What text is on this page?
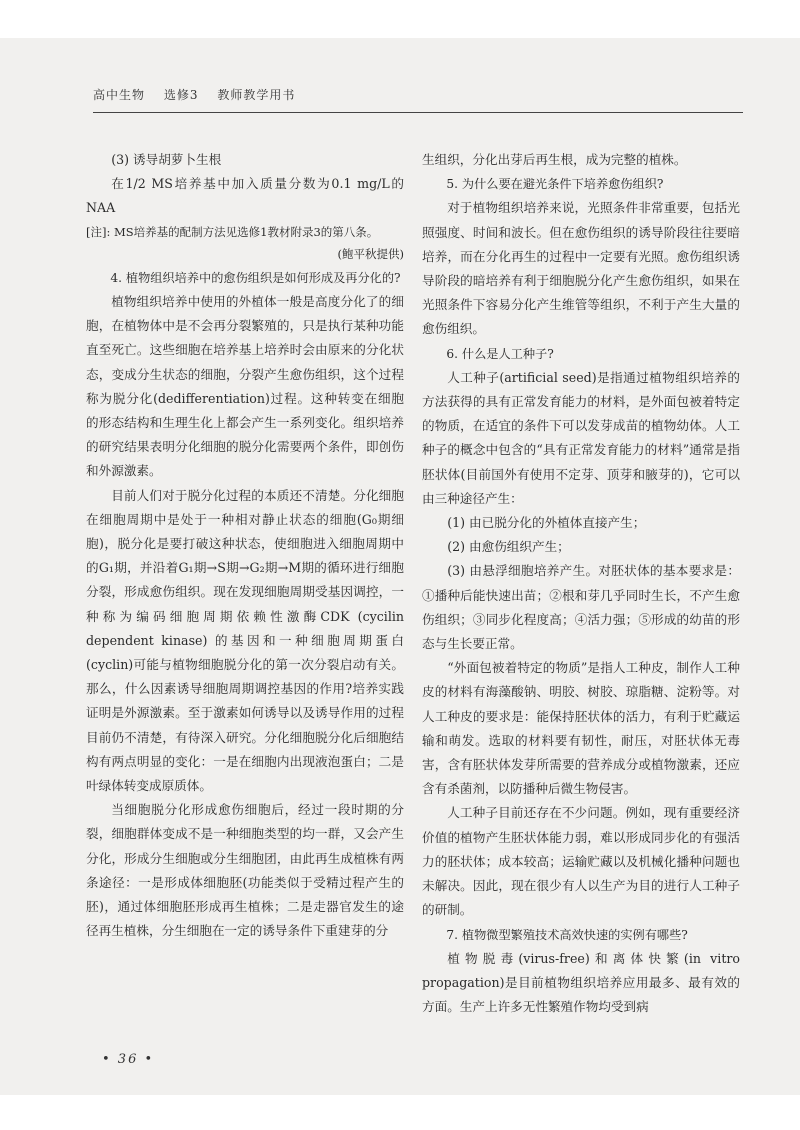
高中生物 选修3 教师教学用书

(3) 诱导胡萝卜生根

在1/2 MS培养基中加入质量分数为0.1 mg/L的NAA

[注]: MS培养基的配制方法见选修1教材附录3的第八条。

(鲍平秋提供)

4. 植物组织培养中的愈伤组织是如何形成及再分化的?

植物组织培养中使用的外植体一般是高度分化了的细胞，在植物体中是不会再分裂繁殖的，只是执行某种功能直至死亡。这些细胞在培养基上培养时会由原来的分化状态，变成分生状态的细胞，分裂产生愈伤组织，这个过程称为脱分化(dedifferentiation)过程。这种转变在细胞的形态结构和生理生化上都会产生一系列变化。组织培养的研究结果表明分化细胞的脱分化需要两个条件，即创伤和外源激素。

目前人们对于脱分化过程的本质还不清楚。分化细胞在细胞周期中是处于一种相对静止状态的细胞(G₀期细胞)，脱分化是要打破这种状态，使细胞进入细胞周期中的G₁期，并沿着G₁期→S期→G₂期→M期的循环进行细胞分裂，形成愈伤组织。现在发现细胞周期受基因调控，一种称为编码细胞周期依赖性激酶CDK (cycilin dependent kinase) 的基因和一种细胞周期蛋白(cyclin)可能与植物细胞脱分化的第一次分裂启动有关。那么，什么因素诱导细胞周期调控基因的作用?培养实践证明是外源激素。至于激素如何诱导以及诱导作用的过程目前仍不清楚，有待深入研究。分化细胞脱分化后细胞结构有两点明显的变化：一是在细胞内出现液泡蛋白；二是叶绿体转变成原质体。

当细胞脱分化形成愈伤细胞后，经过一段时期的分裂，细胞群体变成不是一种细胞类型的均一群，又会产生分化，形成分生细胞或分生细胞团，由此再生成植株有两条途径：一是形成体细胞胚(功能类似于受精过程产生的胚)，通过体细胞胚形成再生植株；二是走器官发生的途径再生植株，分生细胞在一定的诱导条件下重建芽的分

生组织，分化出芽后再生根，成为完整的植株。

5. 为什么要在避光条件下培养愈伤组织?

对于植物组织培养来说，光照条件非常重要，包括光照强度、时间和波长。但在愈伤组织的诱导阶段往往要暗培养，而在分化再生的过程中一定要有光照。愈伤组织诱导阶段的暗培养有利于细胞脱分化产生愈伤组织，如果在光照条件下容易分化产生维管等组织，不利于产生大量的愈伤组织。

6. 什么是人工种子?

人工种子(artificial seed)是指通过植物组织培养的方法获得的具有正常发育能力的材料，是外面包被着特定的物质，在适宜的条件下可以发芽成苗的植物幼体。人工种子的概念中包含的“具有正常发育能力的材料”通常是指胚状体(目前国外有使用不定芽、顶芽和腋芽的)，它可以由三种途径产生：

(1) 由已脱分化的外植体直接产生；

(2) 由愈伤组织产生；

(3) 由悬浮细胞培养产生。对胚状体的基本要求是：①播种后能快速出苗；②根和芽几乎同时生长，不产生愈伤组织；③同步化程度高；④活力强；⑤形成的幼苗的形态与生长要正常。

“外面包被着特定的物质”是指人工种皮，制作人工种皮的材料有海藻酸钠、明胶、树胶、琼脂糖、淀粉等。对人工种皮的要求是：能保持胚状体的活力，有利于贮藏运输和萌发。选取的材料要有韧性，耐压，对胚状体无毒害，含有胚状体发芽所需要的营养成分或植物激素，还应含有杀菌剂，以防播种后微生物侵害。

人工种子目前还存在不少问题。例如，现有重要经济价值的植物产生胚状体能力弱，难以形成同步化的有强活力的胚状体；成本较高；运输贮藏以及机械化播种问题也未解决。因此，现在很少有人以生产为目的进行人工种子的研制。

7. 植物微型繁殖技术高效快速的实例有哪些?

植物脱毒(virus-free)和离体快繁(in vitro propagation)是目前植物组织培养应用最多、最有效的方面。生产上许多无性繁殖作物均受到病

• 36 •
